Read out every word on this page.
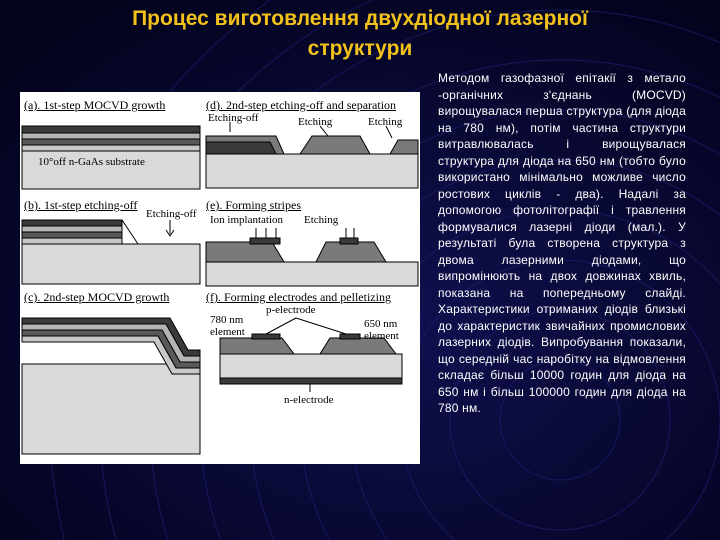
Процес виготовлення двухдіодної лазерної
структури
(a). 1st-step MOCVD growth	(d). 2nd-step etching-off and separation
(b). 1st-step etching-off	(e). Forming stripes
(c). 2nd-step MOCVD growth	(f). Forming electrodes and pelletizing
10°off n-GaAs substrate
Etching-off
Etching-off	Etching	Etching
Ion implantation Etching
p-electrode
780 nm
element
650 nm
element
n-electrode
Методом газофазної епітакії з метало -органічних з'єднань (MOCVD) вирощувалася перша структура (для діода на 780 нм), потім частина структури витравлювалась і вирощувалася структура для діода на 650 нм (тобто було використано мінімально можливе число ростових циклів - два). Надалі за допомогою фотолітографії і травлення формувалися лазерні діоди (мал.). У результаті була створена структура з двома лазерними діодами, що випромінюють на двох довжинах хвиль, показана на попередньому слайді. Характеристики отриманих діодів близькі до характеристик звичайних промислових лазерних діодів. Випробування показали, що середній час наробітку на відмовлення складає більш 10000 годин для діода на 650 нм і більш 100000 годин для діода на 780 нм.
